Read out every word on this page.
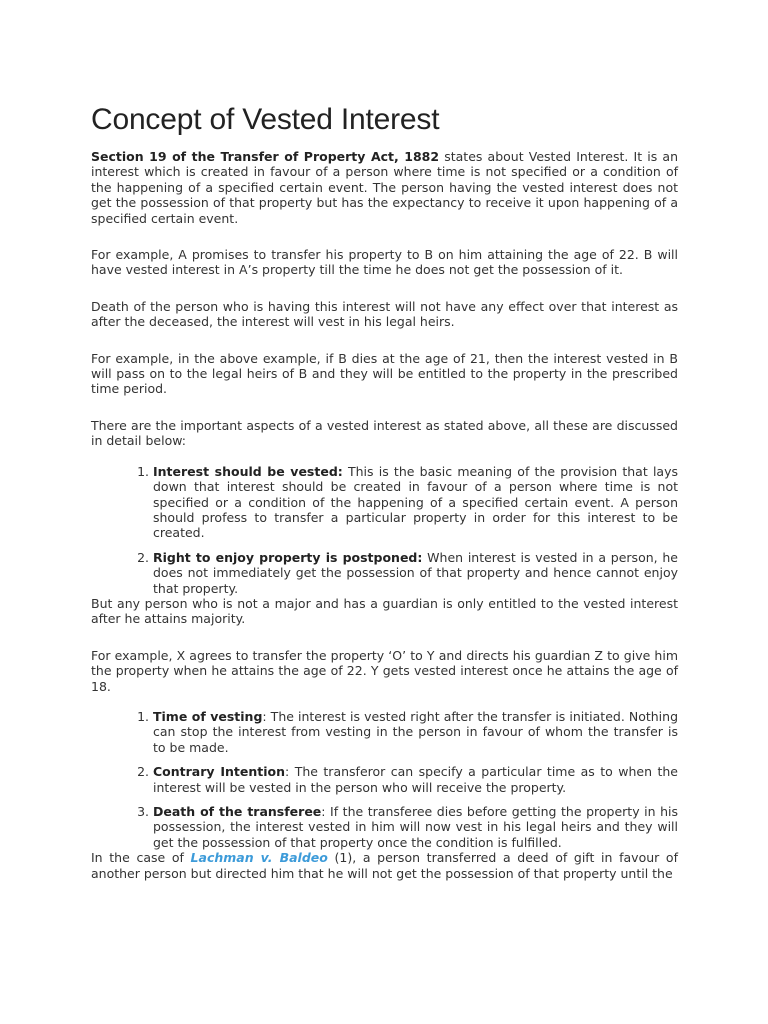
Concept of Vested Interest

Section 19 of the Transfer of Property Act, 1882 states about Vested Interest. It is an interest which is created in favour of a person where time is not specified or a condition of the happening of a specified certain event. The person having the vested interest does not get the possession of that property but has the expectancy to receive it upon happening of a specified certain event.

For example, A promises to transfer his property to B on him attaining the age of 22. B will have vested interest in A’s property till the time he does not get the possession of it.

Death of the person who is having this interest will not have any effect over that interest as after the deceased, the interest will vest in his legal heirs.

For example, in the above example, if B dies at the age of 21, then the interest vested in B will pass on to the legal heirs of B and they will be entitled to the property in the prescribed time period.

There are the important aspects of a vested interest as stated above, all these are discussed in detail below:

1. Interest should be vested: This is the basic meaning of the provision that lays down that interest should be created in favour of a person where time is not specified or a condition of the happening of a specified certain event. A person should profess to transfer a particular property in order for this interest to be created.
2. Right to enjoy property is postponed: When interest is vested in a person, he does not immediately get the possession of that property and hence cannot enjoy that property.

But any person who is not a major and has a guardian is only entitled to the vested interest after he attains majority.

For example, X agrees to transfer the property ‘O’ to Y and directs his guardian Z to give him the property when he attains the age of 22. Y gets vested interest once he attains the age of 18.

1. Time of vesting: The interest is vested right after the transfer is initiated. Nothing can stop the interest from vesting in the person in favour of whom the transfer is to be made.
2. Contrary Intention: The transferor can specify a particular time as to when the interest will be vested in the person who will receive the property.
3. Death of the transferee: If the transferee dies before getting the property in his possession, the interest vested in him will now vest in his legal heirs and they will get the possession of that property once the condition is fulfilled.

In the case of Lachman v. Baldeo (1), a person transferred a deed of gift in favour of another person but directed him that he will not get the possession of that property until the
